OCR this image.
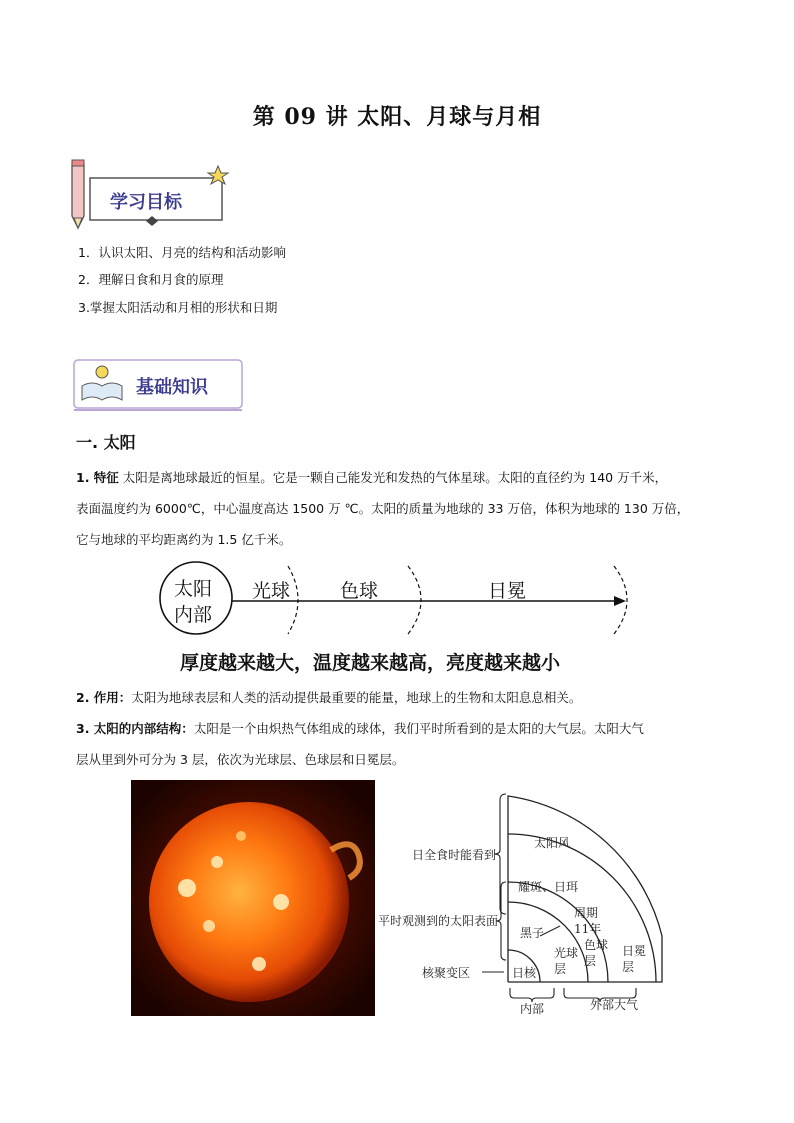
第 09 讲 太阳、月球与月相
学习目标
1．认识太阳、月亮的结构和活动影响
2．理解日食和月食的原理
3.掌握太阳活动和月相的形状和日期
基础知识
一. 太阳
1. 特征 太阳是离地球最近的恒星。它是一颗自己能发光和发热的气体星球。太阳的直径约为 140 万千米，
表面温度约为 6000℃，中心温度高达 1500 万 ℃。太阳的质量为地球的 33 万倍，体积为地球的 130 万倍，
它与地球的平均距离约为 1.5 亿千米。
太阳
内部
光球	色球	日冕
厚度越来越大，温度越来越高，亮度越来越小
2. 作用：太阳为地球表层和人类的活动提供最重要的能量，地球上的生物和太阳息息相关。
3. 太阳的内部结构：太阳是一个由炽热气体组成的球体，我们平时所看到的是太阳的大气层。太阳大气
层从里到外可分为 3 层，依次为光球层、色球层和日冕层。
太阳风
日全食时能看到
耀斑、日珥
平时观测到的太阳表面
黑子
周期
11年
核聚变区	日核
光球
层
色球
层
日冕
层
内部	外部大气
